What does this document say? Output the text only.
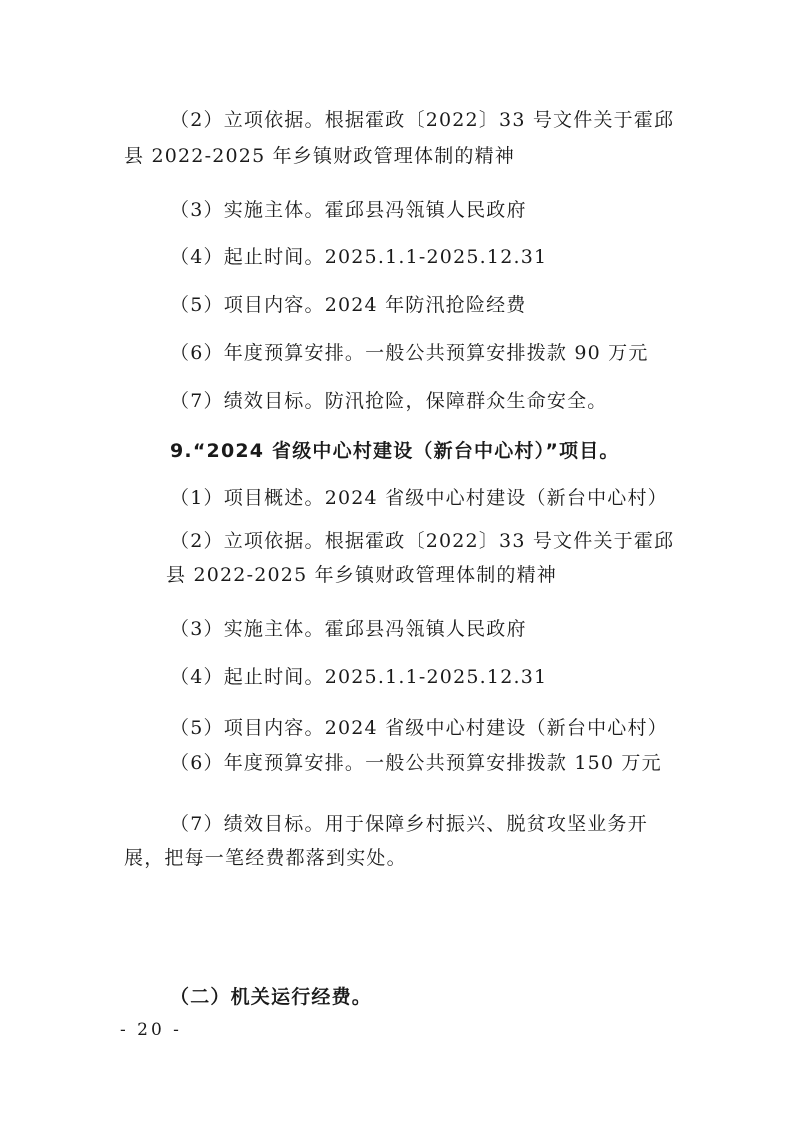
（2）立项依据。根据霍政〔2022〕33 号文件关于霍邱
县 2022-2025 年乡镇财政管理体制的精神
（3）实施主体。霍邱县冯瓴镇人民政府
（4）起止时间。2025.1.1-2025.12.31
（5）项目内容。2024 年防汛抢险经费
（6）年度预算安排。一般公共预算安排拨款 90 万元
（7）绩效目标。防汛抢险，保障群众生命安全。
9.“2024 省级中心村建设（新台中心村）”项目。
（1）项目概述。2024 省级中心村建设（新台中心村）
（2）立项依据。根据霍政〔2022〕33 号文件关于霍邱
县 2022-2025 年乡镇财政管理体制的精神
（3）实施主体。霍邱县冯瓴镇人民政府
（4）起止时间。2025.1.1-2025.12.31
（5）项目内容。2024 省级中心村建设（新台中心村）
（6）年度预算安排。一般公共预算安排拨款 150 万元
（7）绩效目标。用于保障乡村振兴、脱贫攻坚业务开
展，把每一笔经费都落到实处。
（二）机关运行经费。
- 20 -
